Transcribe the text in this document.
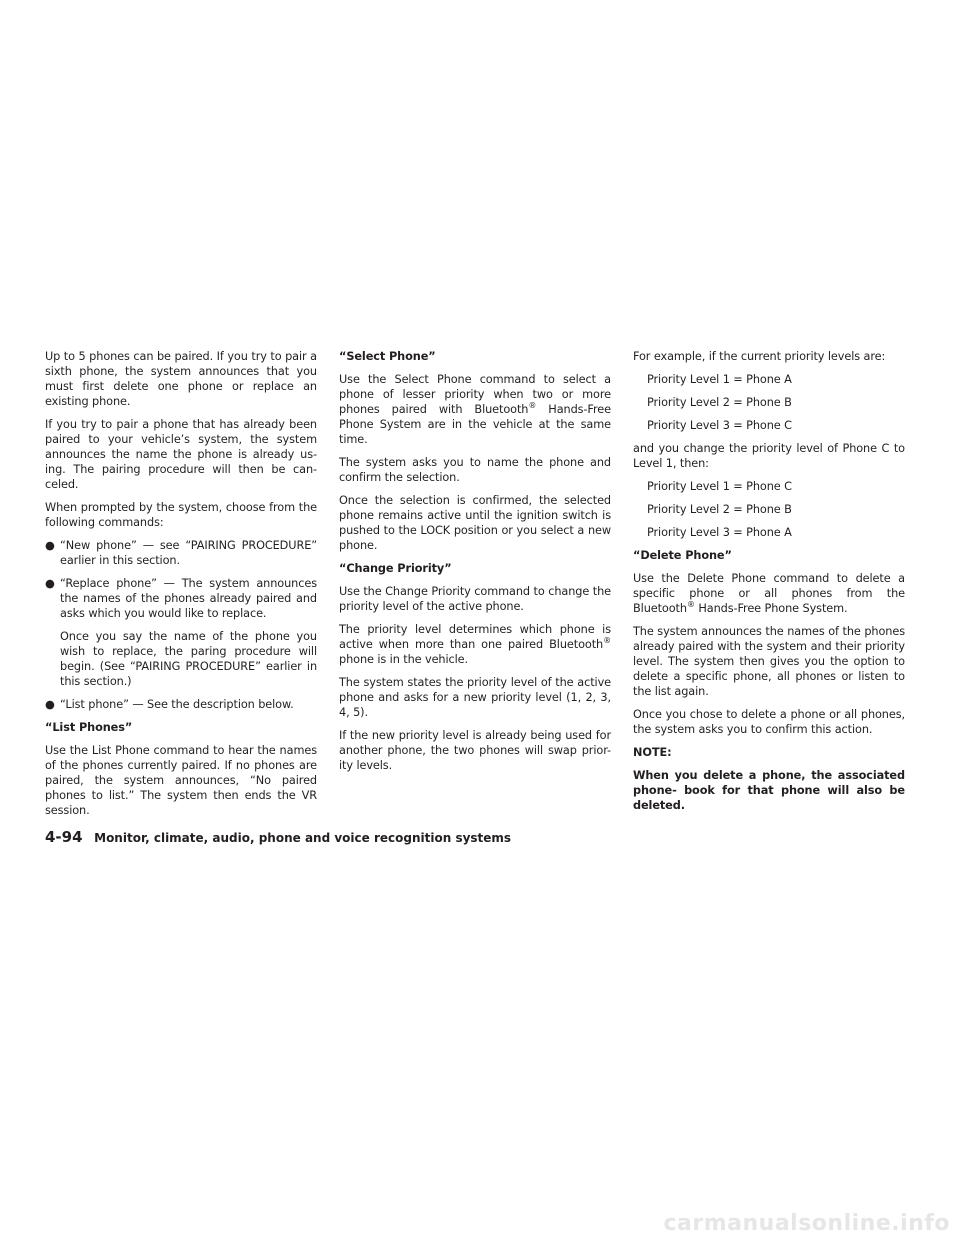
Up to 5 phones can be paired. If you try to pair a sixth phone, the system announces that you must first delete one phone or replace an existing phone.

If you try to pair a phone that has already been paired to your vehicle’s system, the system announces the name the phone is already us- ing. The pairing procedure will then be can- celed.

When prompted by the system, choose from the following commands:

● “New phone” — see “PAIRING PROCEDURE” earlier in this section.
● “Replace phone” — The system announces the names of the phones already paired and asks which you would like to replace.

Once you say the name of the phone you wish to replace, the paring procedure will begin. (See “PAIRING PROCEDURE” earlier in this section.)

● “List phone” — See the description below.

“List Phones”

Use the List Phone command to hear the names of the phones currently paired. If no phones are paired, the system announces, “No paired phones to list.” The system then ends the VR session.

“Select Phone”

Use the Select Phone command to select a phone of lesser priority when two or more phones paired with Bluetooth® Hands-Free Phone System are in the vehicle at the same time.

The system asks you to name the phone and confirm the selection.

Once the selection is confirmed, the selected phone remains active until the ignition switch is pushed to the LOCK position or you select a new phone.

“Change Priority”

Use the Change Priority command to change the priority level of the active phone.

The priority level determines which phone is active when more than one paired Bluetooth® phone is in the vehicle.

The system states the priority level of the active phone and asks for a new priority level (1, 2, 3, 4, 5).

If the new priority level is already being used for another phone, the two phones will swap prior- ity levels.

For example, if the current priority levels are:

Priority Level 1 = Phone A

Priority Level 2 = Phone B

Priority Level 3 = Phone C

and you change the priority level of Phone C to Level 1, then:

Priority Level 1 = Phone C

Priority Level 2 = Phone B

Priority Level 3 = Phone A

“Delete Phone”

Use the Delete Phone command to delete a specific phone or all phones from the Bluetooth® Hands-Free Phone System.

The system announces the names of the phones already paired with the system and their priority level. The system then gives you the option to delete a specific phone, all phones or listen to the list again.

Once you chose to delete a phone or all phones, the system asks you to confirm this action.

NOTE:

When you delete a phone, the associated phone- book for that phone will also be deleted.

4-94 Monitor, climate, audio, phone and voice recognition systems
carmanualsonline.info
